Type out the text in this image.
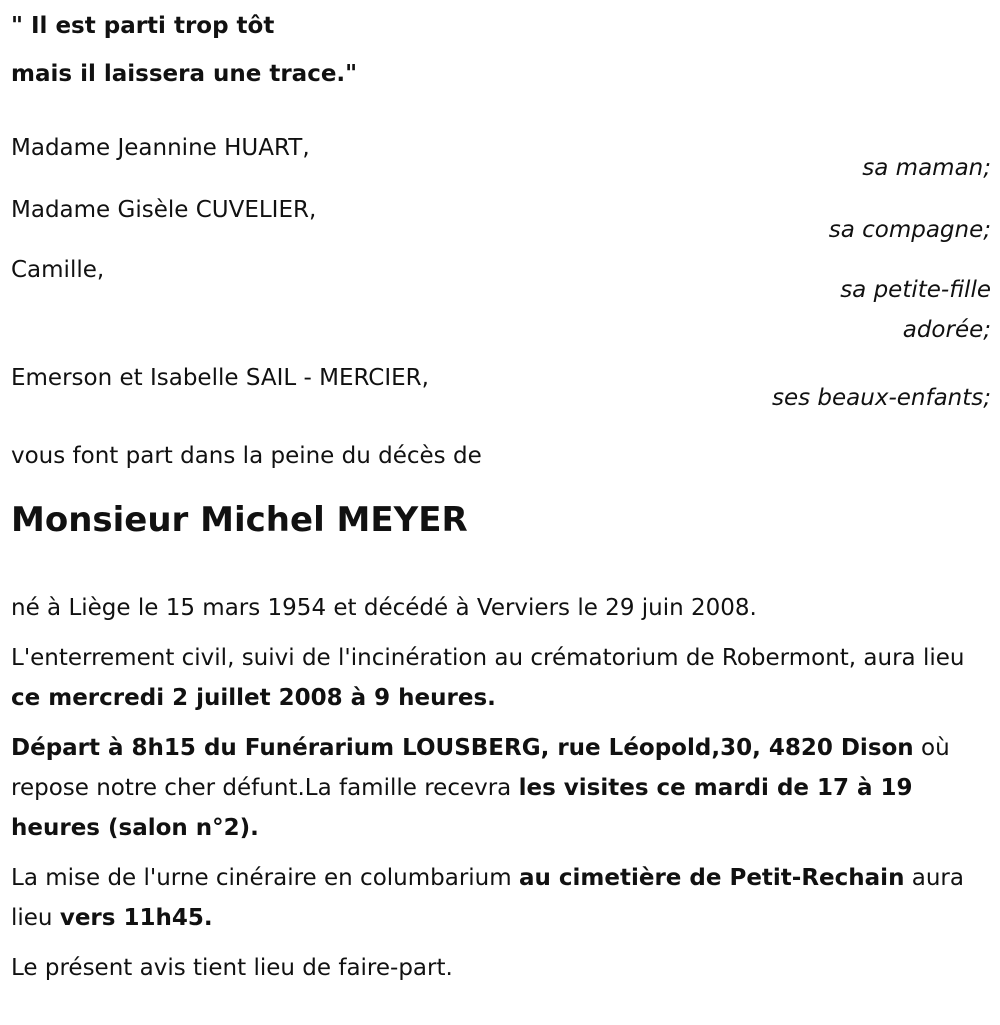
" Il est parti trop tôt

mais il laissera une trace."

Madame Jeannine HUART,

sa maman;

Madame Gisèle CUVELIER,

sa compagne;

Camille,

sa petite-fille

adorée;

Emerson et Isabelle SAIL - MERCIER,

ses beaux-enfants;

vous font part dans la peine du décès de

Monsieur Michel MEYER

né à Liège le 15 mars 1954 et décédé à Verviers le 29 juin 2008.

L'enterrement civil, suivi de l'incinération au crématorium de Robermont, aura lieu ce mercredi 2 juillet 2008 à 9 heures.

Départ à 8h15 du Funérarium LOUSBERG, rue Léopold,30, 4820 Dison où repose notre cher défunt.La famille recevra les visites ce mardi de 17 à 19 heures (salon n°2).

La mise de l'urne cinéraire en columbarium au cimetière de Petit-Rechain aura lieu vers 11h45.

Le présent avis tient lieu de faire-part.
